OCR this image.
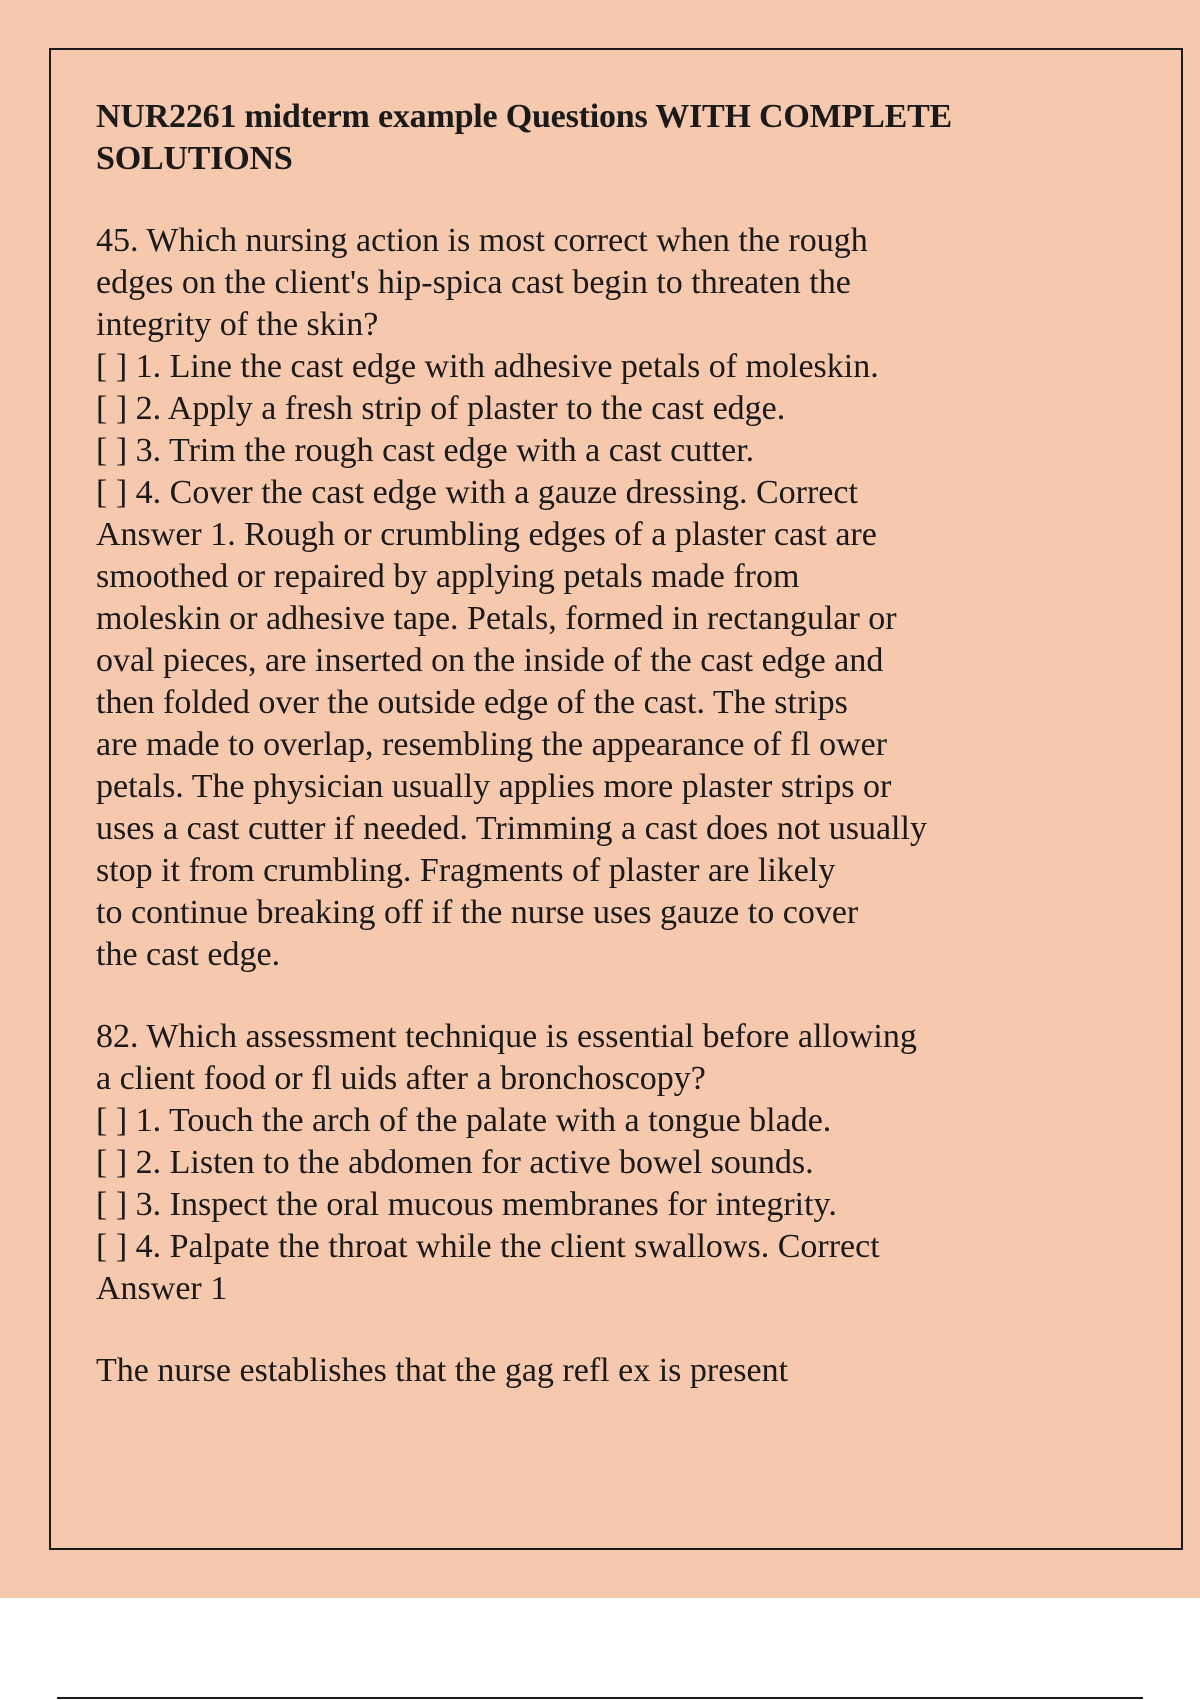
NUR2261 midterm example Questions WITH COMPLETE SOLUTIONS

45. Which nursing action is most correct when the rough
edges on the client's hip-spica cast begin to threaten the
integrity of the skin?
[ ] 1. Line the cast edge with adhesive petals of moleskin.
[ ] 2. Apply a fresh strip of plaster to the cast edge.
[ ] 3. Trim the rough cast edge with a cast cutter.
[ ] 4. Cover the cast edge with a gauze dressing. Correct
Answer 1. Rough or crumbling edges of a plaster cast are
smoothed or repaired by applying petals made from
moleskin or adhesive tape. Petals, formed in rectangular or
oval pieces, are inserted on the inside of the cast edge and
then folded over the outside edge of the cast. The strips
are made to overlap, resembling the appearance of fl ower
petals. The physician usually applies more plaster strips or
uses a cast cutter if needed. Trimming a cast does not usually
stop it from crumbling. Fragments of plaster are likely
to continue breaking off if the nurse uses gauze to cover
the cast edge.

82. Which assessment technique is essential before allowing
a client food or fl uids after a bronchoscopy?
[ ] 1. Touch the arch of the palate with a tongue blade.
[ ] 2. Listen to the abdomen for active bowel sounds.
[ ] 3. Inspect the oral mucous membranes for integrity.
[ ] 4. Palpate the throat while the client swallows. Correct
Answer 1

The nurse establishes that the gag refl ex is present
